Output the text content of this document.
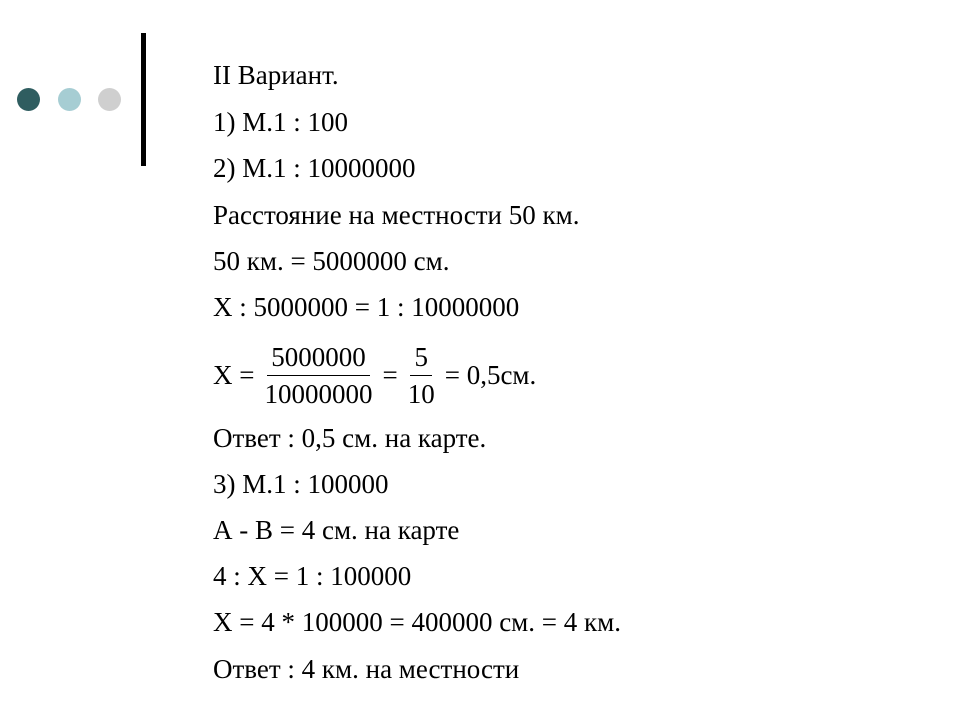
II Вариант.
1) М.1 : 100
2) М.1 : 10000000
Расстояние на местности 50 км.
50 км. = 5000000 см.
X : 5000000 = 1 : 10000000
$X = \frac{5000000}{10000000} = \frac{5}{10} = 0,5см$.
Ответ : 0,5 см. на карте.
3) М.1 : 100000
А - В = 4 см. на карте
4 : X = 1 : 100000
X = 4 * 100000 = 400000 см. = 4 км.
Ответ : 4 км. на местности
